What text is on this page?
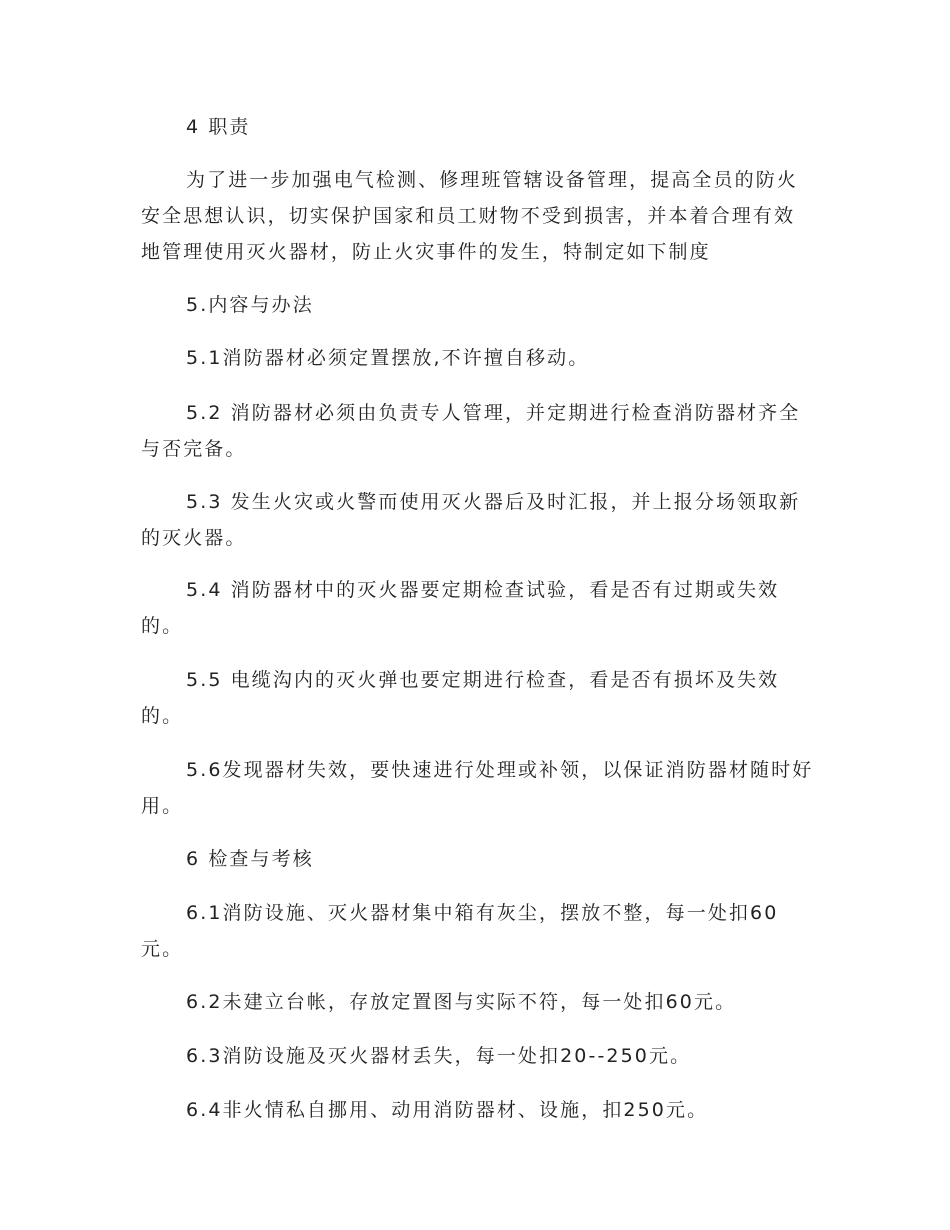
4 职责

为了进一步加强电气检测、修理班管辖设备管理，提高全员的防火安全思想认识，切实保护国家和员工财物不受到损害，并本着合理有效地管理使用灭火器材，防止火灾事件的发生，特制定如下制度

5.内容与办法

5.1消防器材必须定置摆放,不许擅自移动。

5.2 消防器材必须由负责专人管理，并定期进行检查消防器材齐全与否完备。

5.3 发生火灾或火警而使用灭火器后及时汇报，并上报分场领取新的灭火器。

5.4 消防器材中的灭火器要定期检查试验，看是否有过期或失效的。

5.5 电缆沟内的灭火弹也要定期进行检查，看是否有损坏及失效的。

5.6发现器材失效，要快速进行处理或补领，以保证消防器材随时好用。

6 检查与考核

6.1消防设施、灭火器材集中箱有灰尘，摆放不整，每一处扣60元。

6.2未建立台帐，存放定置图与实际不符，每一处扣60元。

6.3消防设施及灭火器材丢失，每一处扣20--250元。

6.4非火情私自挪用、动用消防器材、设施，扣250元。
